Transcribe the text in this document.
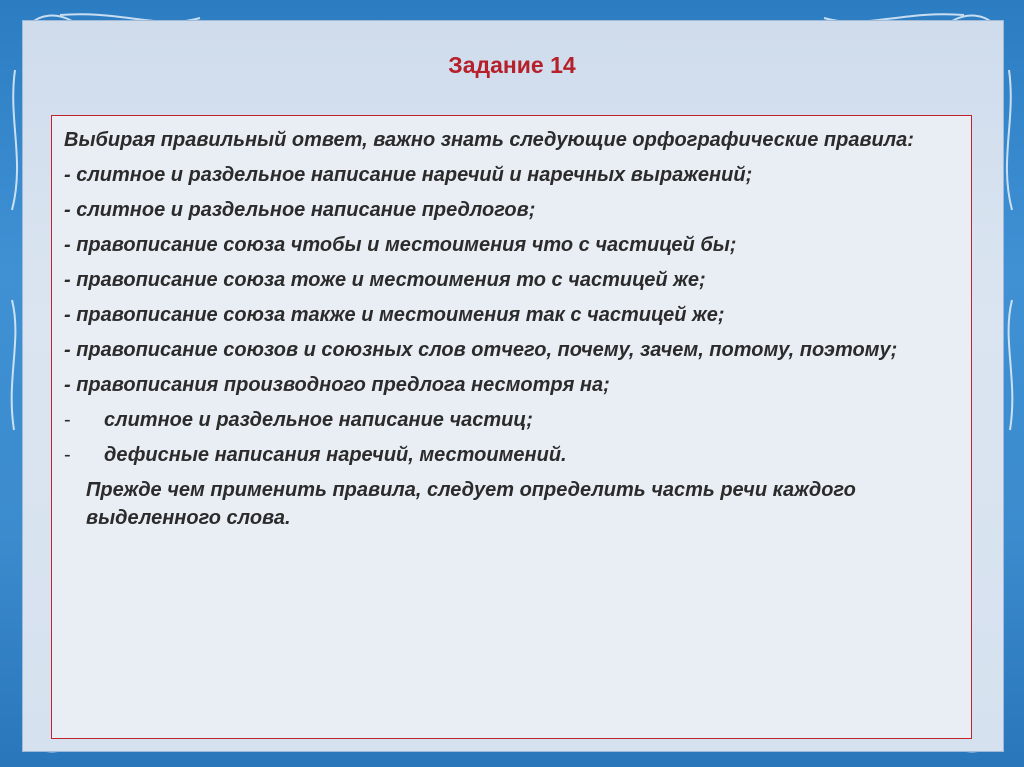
Задание 14

Выбирая правильный ответ, важно знать следующие орфографические правила:

- слитное и раздельное написание наречий и наречных выражений;

- слитное и раздельное написание предлогов;

- правописание союза чтобы и местоимения что с частицей бы;

- правописание союза тоже и местоимения то с частицей же;

- правописание союза также и местоимения так с частицей же;

- правописание союзов и союзных слов отчего, почему, зачем, потому, поэтому;

- правописания производного предлога несмотря на;

-	слитное и раздельное написание частиц;
-	дефисные написания наречий, местоимений.

Прежде чем применить правила, следует определить часть речи каждого выделенного слова.
